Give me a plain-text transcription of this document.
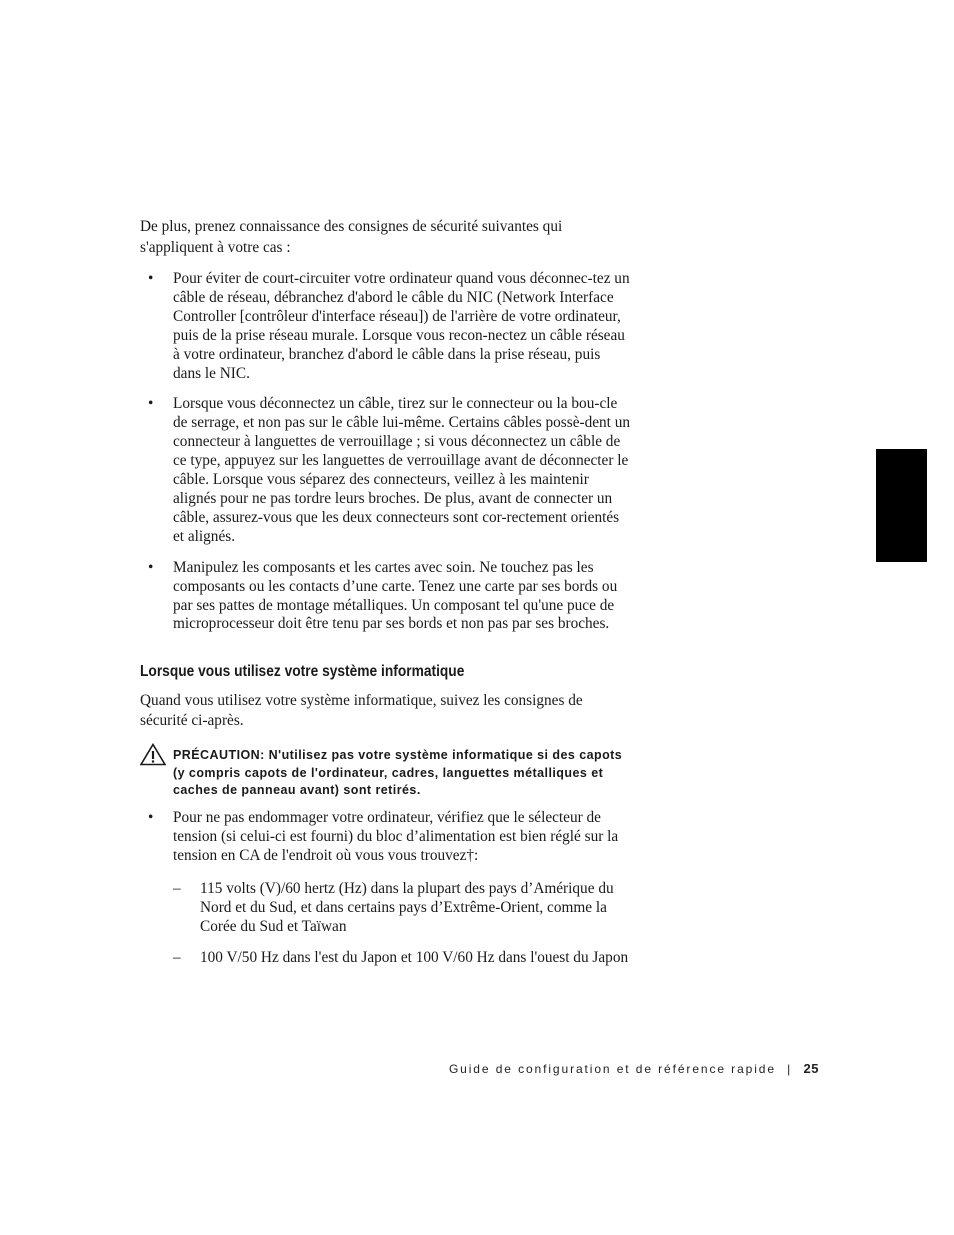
De plus, prenez connaissance des consignes de sécurité suivantes qui s'appliquent à votre cas :

• Pour éviter de court-circuiter votre ordinateur quand vous déconnec-tez un câble de réseau, débranchez d'abord le câble du NIC (Network Interface Controller [contrôleur d'interface réseau]) de l'arrière de votre ordinateur, puis de la prise réseau murale. Lorsque vous recon-nectez un câble réseau à votre ordinateur, branchez d'abord le câble dans la prise réseau, puis dans le NIC.
• Lorsque vous déconnectez un câble, tirez sur le connecteur ou la bou-cle de serrage, et non pas sur le câble lui-même. Certains câbles possè-dent un connecteur à languettes de verrouillage ; si vous déconnectez un câble de ce type, appuyez sur les languettes de verrouillage avant de déconnecter le câble. Lorsque vous séparez des connecteurs, veillez à les maintenir alignés pour ne pas tordre leurs broches. De plus, avant de connecter un câble, assurez-vous que les deux connecteurs sont cor-rectement orientés et alignés.
• Manipulez les composants et les cartes avec soin. Ne touchez pas les composants ou les contacts d’une carte. Tenez une carte par ses bords ou par ses pattes de montage métalliques. Un composant tel qu'une puce de microprocesseur doit être tenu par ses bords et non pas par ses broches.
Lorsque vous utilisez votre système informatique

Quand vous utilisez votre système informatique, suivez les consignes de sécurité ci-après.

PRÉCAUTION: N'utilisez pas votre système informatique si des capots (y compris capots de l'ordinateur, cadres, languettes métalliques et caches de panneau avant) sont retirés.
• Pour ne pas endommager votre ordinateur, vérifiez que le sélecteur de tension (si celui-ci est fourni) du bloc d’alimentation est bien réglé sur la tension en CA de l'endroit où vous vous trouvez†:
– 115 volts (V)/60 hertz (Hz) dans la plupart des pays d’Amérique du Nord et du Sud, et dans certains pays d’Extrême-Orient, comme la Corée du Sud et Taïwan
– 100 V/50 Hz dans l'est du Japon et 100 V/60 Hz dans l'ouest du Japon
Guide de configuration et de référence rapide | 25
